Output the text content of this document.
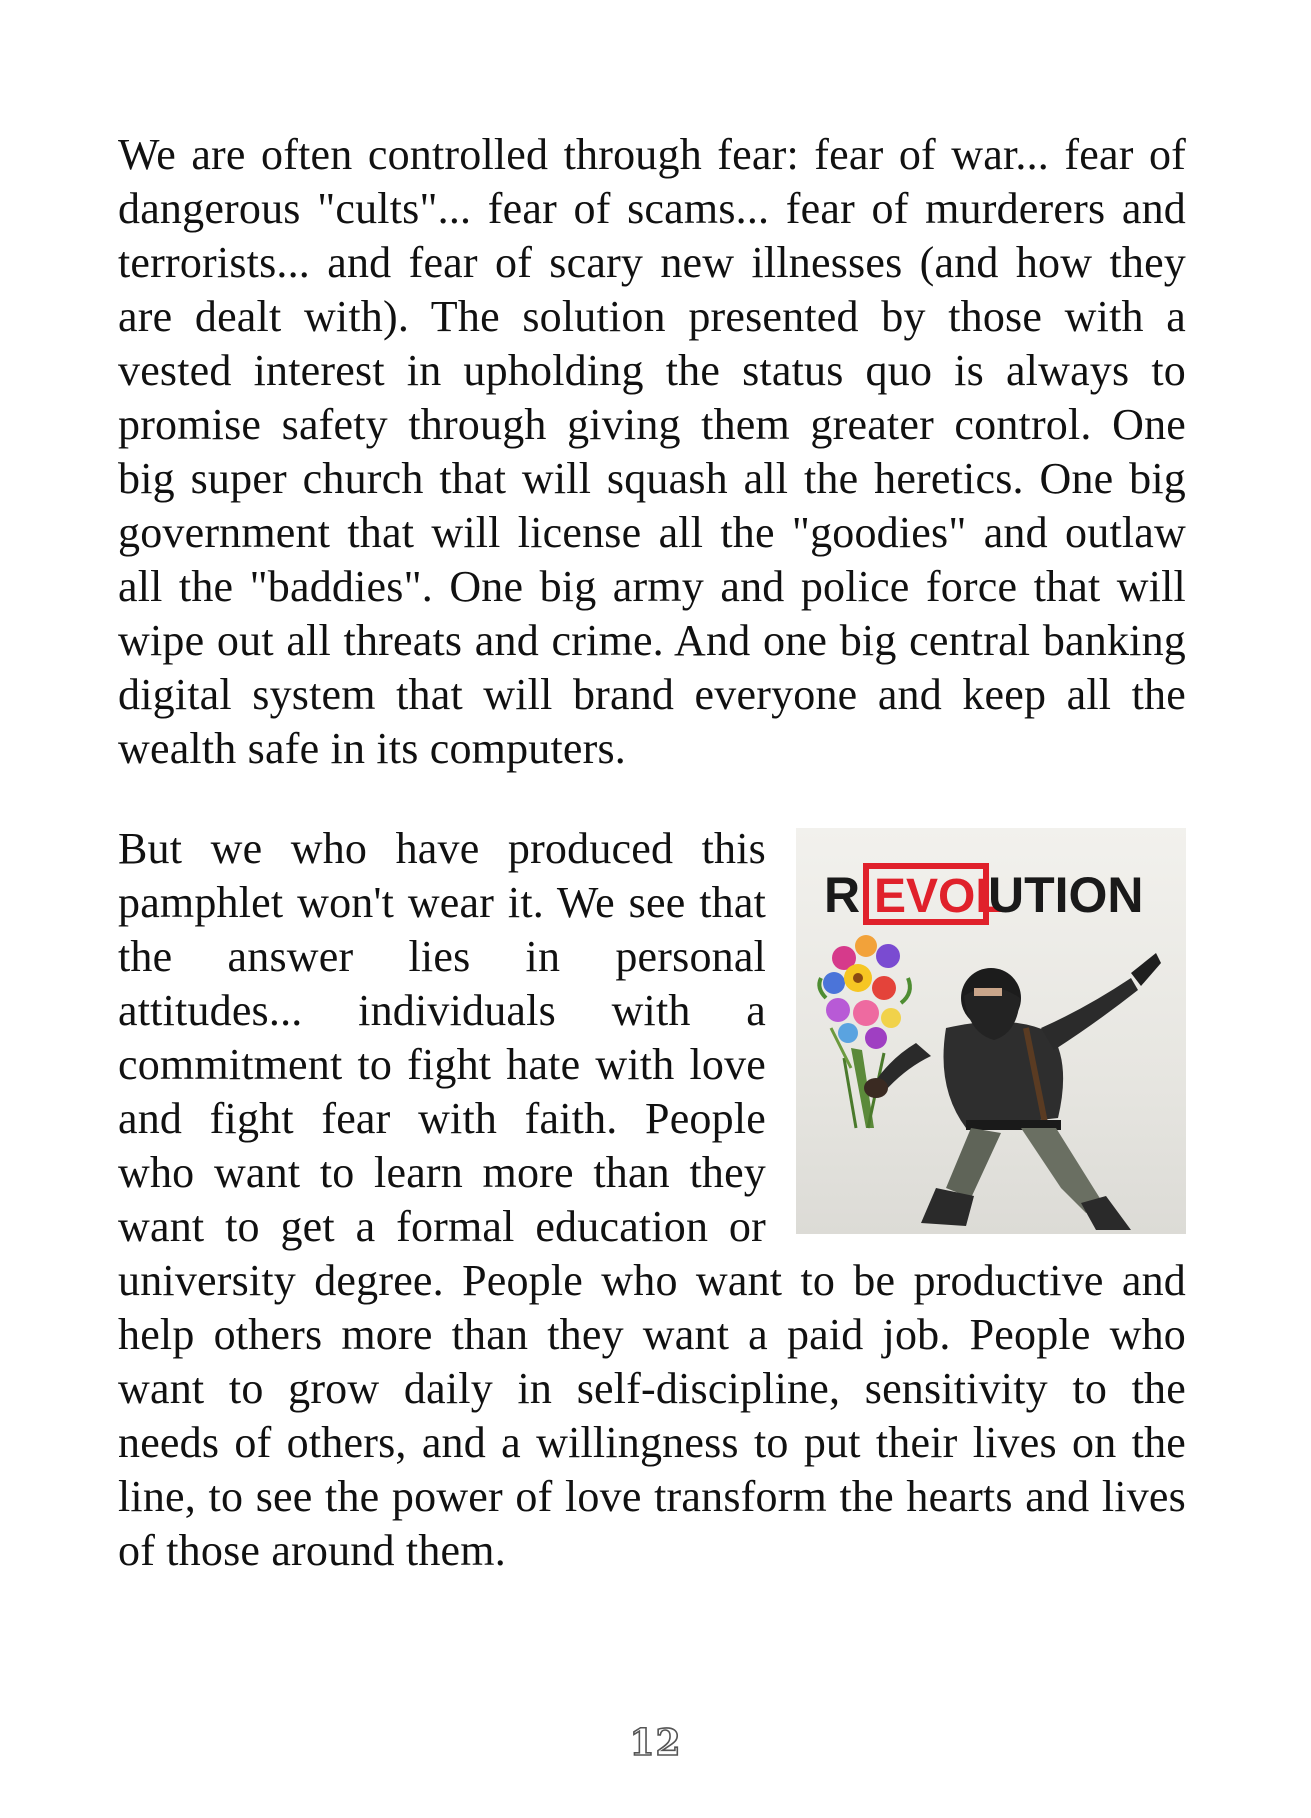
We are often controlled through fear: fear of war... fear of dangerous "cults"... fear of scams... fear of murderers and terrorists... and fear of scary new illnesses (and how they are dealt with). The solution presented by those with a vested interest in upholding the status quo is always to promise safety through giving them greater control. One big super church that will squash all the heretics. One big government that will license all the "goodies" and outlaw all the "baddies". One big army and police force that will wipe out all threats and crime. And one big central banking digital system that will brand everyone and keep all the wealth safe in its computers.

R EVOL
UTION

But we who have produced this pamphlet won't wear it. We see that the answer lies in personal attitudes... individuals with a commitment to fight hate with love and fight fear with faith. People who want to learn more than they want to get a formal education or university degree. People who want to be productive and help others more than they want a paid job. People who want to grow daily in self-discipline, sensitivity to the needs of others, and a willingness to put their lives on the line, to see the power of love transform the hearts and lives of those around them.

12
